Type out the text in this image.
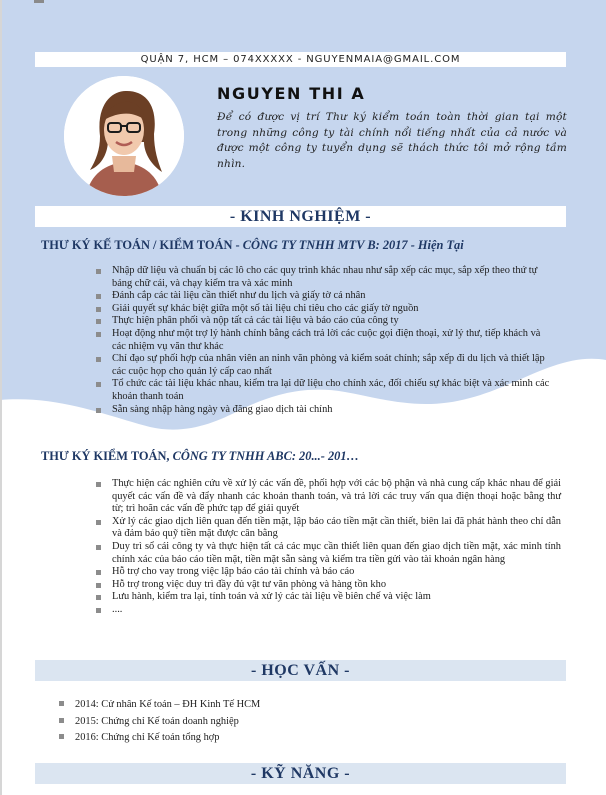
QUẬN 7, HCM – 074XXXXX - NGUYENMAIA@GMAIL.COM
NGUYEN THI A
Để có được vị trí Thư ký kiểm toán toàn thời gian tại một trong những công ty tài chính nổi tiếng nhất của cả nước và được một công ty tuyển dụng sẽ thách thức tôi mở rộng tầm nhìn.
- KINH NGHIỆM -
THƯ KÝ KẾ TOÁN / KIỂM TOÁN - CÔNG TY TNHH MTV B: 2017 - Hiện Tại
Nhập dữ liệu và chuẩn bị các lô cho các quy trình khác nhau như sắp xếp các mục, sắp xếp theo thứ tự bảng chữ cái, và chạy kiểm tra và xác minh
Đánh cắp các tài liệu cần thiết như du lịch và giấy tờ cá nhân
Giải quyết sự khác biệt giữa một số tài liệu chi tiêu cho các giấy tờ nguồn
Thực hiện phân phối và nộp tất cả các tài liệu và báo cáo của công ty
Hoạt động như một trợ lý hành chính bằng cách trả lời các cuộc gọi điện thoại, xử lý thư, tiếp khách và các nhiệm vụ văn thư khác
Chỉ đạo sự phối hợp của nhân viên an ninh văn phòng và kiểm soát chính; sắp xếp đi du lịch và thiết lập các cuộc họp cho quản lý cấp cao nhất
Tổ chức các tài liệu khác nhau, kiểm tra lại dữ liệu cho chính xác, đối chiếu sự khác biệt và xác minh các khoản thanh toán
Sẵn sàng nhập hàng ngày và đăng giao dịch tài chính
THƯ KÝ KIỂM TOÁN, CÔNG TY TNHH ABC: 20...- 201…
Thực hiện các nghiên cứu về xử lý các vấn đề, phối hợp với các bộ phận và nhà cung cấp khác nhau để giải quyết các vấn đề và đẩy nhanh các khoản thanh toán, và trả lời các truy vấn qua điện thoại hoặc bằng thư từ; trì hoãn các vấn đề phức tạp để giải quyết
Xử lý các giao dịch liên quan đến tiền mặt, lập báo cáo tiền mặt cần thiết, biên lai đã phát hành theo chỉ dẫn và đảm bảo quỹ tiền mặt được cân bằng
Duy trì sổ cái công ty và thực hiện tất cả các mục cần thiết liên quan đến giao dịch tiền mặt, xác minh tính chính xác của báo cáo tiền mặt, tiền mặt sẵn sàng và kiểm tra tiền gửi vào tài khoản ngân hàng
Hỗ trợ cho vay trong việc lập báo cáo tài chính và báo cáo
Hỗ trợ trong việc duy trì đầy đủ vật tư văn phòng và hàng tồn kho
Lưu hành, kiểm tra lại, tính toán và xử lý các tài liệu về biên chế và việc làm
....
- HỌC VẤN -
2014: Cử nhân Kế toán – ĐH Kinh Tế HCM
2015: Chứng chỉ Kế toán doanh nghiệp
2016: Chứng chỉ Kế toán tổng hợp
- KỸ NĂNG -
